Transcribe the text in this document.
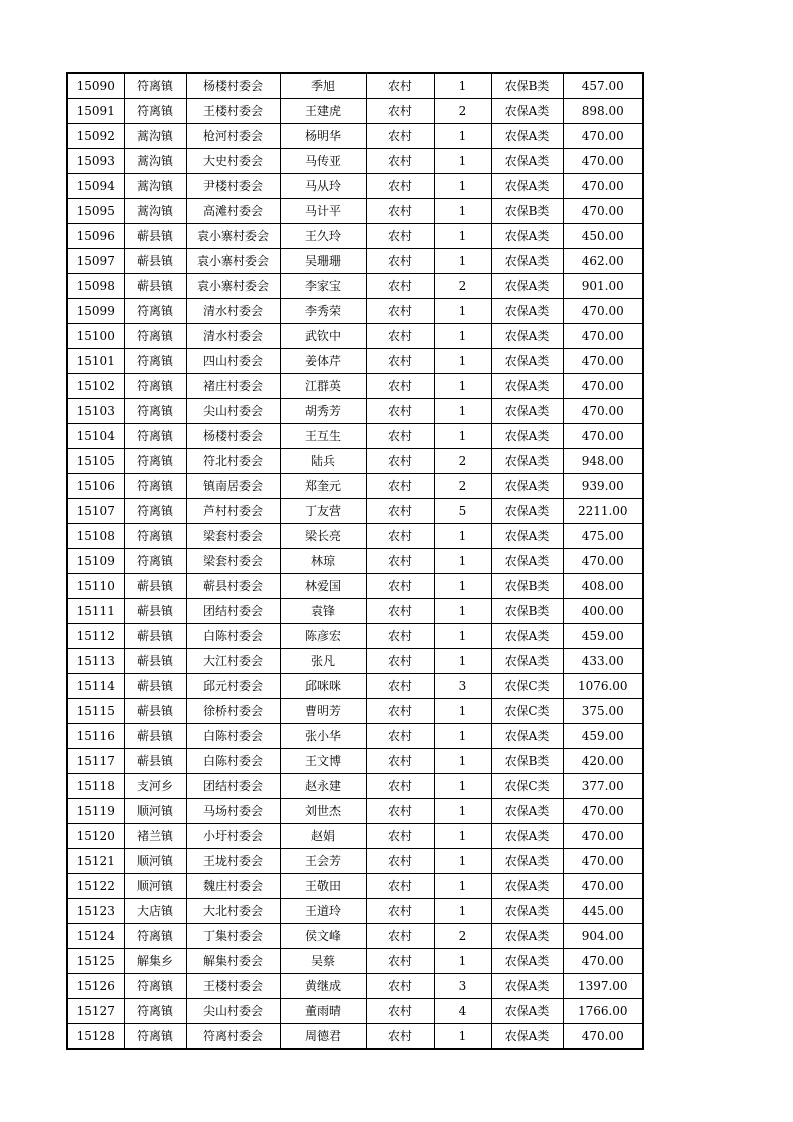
15090	符离镇	杨楼村委会	季旭	农村	1	农保B类	457.00
15091	符离镇	王楼村委会	王建虎	农村	2	农保A类	898.00
15092	蒿沟镇	枪河村委会	杨明华	农村	1	农保A类	470.00
15093	蒿沟镇	大史村委会	马传亚	农村	1	农保A类	470.00
15094	蒿沟镇	尹楼村委会	马从玲	农村	1	农保A类	470.00
15095	蒿沟镇	高滩村委会	马计平	农村	1	农保B类	470.00
15096	蕲县镇	袁小寨村委会	王久玲	农村	1	农保A类	450.00
15097	蕲县镇	袁小寨村委会	吴珊珊	农村	1	农保A类	462.00
15098	蕲县镇	袁小寨村委会	李家宝	农村	2	农保A类	901.00
15099	符离镇	清水村委会	李秀荣	农村	1	农保A类	470.00
15100	符离镇	清水村委会	武钦中	农村	1	农保A类	470.00
15101	符离镇	四山村委会	姜体芹	农村	1	农保A类	470.00
15102	符离镇	褚庄村委会	江群英	农村	1	农保A类	470.00
15103	符离镇	尖山村委会	胡秀芳	农村	1	农保A类	470.00
15104	符离镇	杨楼村委会	王互生	农村	1	农保A类	470.00
15105	符离镇	符北村委会	陆兵	农村	2	农保A类	948.00
15106	符离镇	镇南居委会	郑奎元	农村	2	农保A类	939.00
15107	符离镇	芦村村委会	丁友营	农村	5	农保A类	2211.00
15108	符离镇	梁套村委会	梁长亮	农村	1	农保A类	475.00
15109	符离镇	梁套村委会	林琼	农村	1	农保A类	470.00
15110	蕲县镇	蕲县村委会	林爱国	农村	1	农保B类	408.00
15111	蕲县镇	团结村委会	袁锋	农村	1	农保B类	400.00
15112	蕲县镇	白陈村委会	陈彦宏	农村	1	农保A类	459.00
15113	蕲县镇	大江村委会	张凡	农村	1	农保A类	433.00
15114	蕲县镇	邱元村委会	邱咪咪	农村	3	农保C类	1076.00
15115	蕲县镇	徐桥村委会	曹明芳	农村	1	农保C类	375.00
15116	蕲县镇	白陈村委会	张小华	农村	1	农保A类	459.00
15117	蕲县镇	白陈村委会	王文博	农村	1	农保B类	420.00
15118	支河乡	团结村委会	赵永建	农村	1	农保C类	377.00
15119	顺河镇	马场村委会	刘世杰	农村	1	农保A类	470.00
15120	褚兰镇	小圩村委会	赵娟	农村	1	农保A类	470.00
15121	顺河镇	王垅村委会	王会芳	农村	1	农保A类	470.00
15122	顺河镇	魏庄村委会	王敬田	农村	1	农保A类	470.00
15123	大店镇	大北村委会	王道玲	农村	1	农保A类	445.00
15124	符离镇	丁集村委会	侯文峰	农村	2	农保A类	904.00
15125	解集乡	解集村委会	吴蔡	农村	1	农保A类	470.00
15126	符离镇	王楼村委会	黄继成	农村	3	农保A类	1397.00
15127	符离镇	尖山村委会	董雨晴	农村	4	农保A类	1766.00
15128	符离镇	符离村委会	周德君	农村	1	农保A类	470.00
